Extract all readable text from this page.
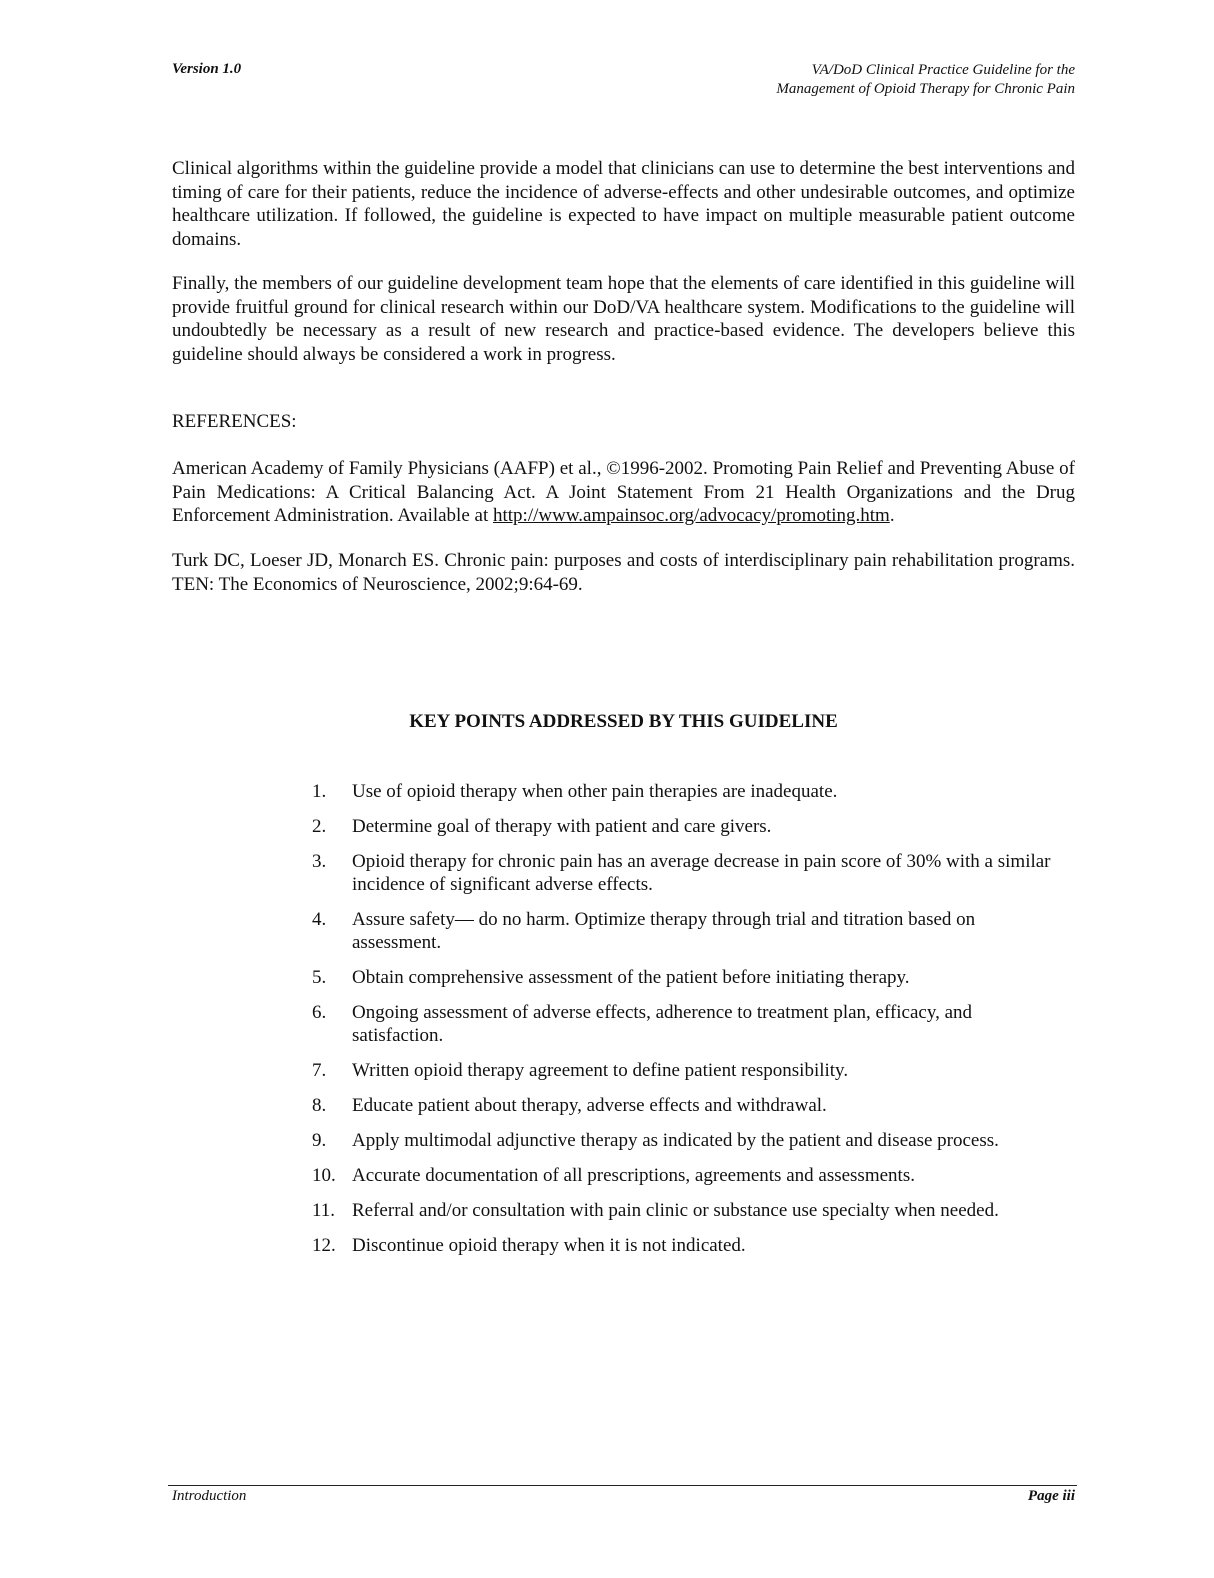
Version 1.0	VA/DoD Clinical Practice Guideline for the
Management of Opioid Therapy for Chronic Pain

Clinical algorithms within the guideline provide a model that clinicians can use to determine the best interventions and timing of care for their patients, reduce the incidence of adverse-effects and other undesirable outcomes, and optimize healthcare utilization. If followed, the guideline is expected to have impact on multiple measurable patient outcome domains.

Finally, the members of our guideline development team hope that the elements of care identified in this guideline will provide fruitful ground for clinical research within our DoD/VA healthcare system. Modifications to the guideline will undoubtedly be necessary as a result of new research and practice-based evidence. The developers believe this guideline should always be considered a work in progress.

REFERENCES:

American Academy of Family Physicians (AAFP) et al., ©1996-2002. Promoting Pain Relief and Preventing Abuse of Pain Medications: A Critical Balancing Act. A Joint Statement From 21 Health Organizations and the Drug Enforcement Administration. Available at http://www.ampainsoc.org/advocacy/promoting.htm.

Turk DC, Loeser JD, Monarch ES. Chronic pain: purposes and costs of interdisciplinary pain rehabilitation programs. TEN: The Economics of Neuroscience, 2002;9:64-69.

KEY POINTS ADDRESSED BY THIS GUIDELINE
1.	Use of opioid therapy when other pain therapies are inadequate.
2.	Determine goal of therapy with patient and care givers.
3.	Opioid therapy for chronic pain has an average decrease in pain score of 30% with a similar incidence of significant adverse effects.
4.	Assure safety— do no harm. Optimize therapy through trial and titration based on assessment.
5.	Obtain comprehensive assessment of the patient before initiating therapy.
6.	Ongoing assessment of adverse effects, adherence to treatment plan, efficacy, and satisfaction.
7.	Written opioid therapy agreement to define patient responsibility.
8.	Educate patient about therapy, adverse effects and withdrawal.
9.	Apply multimodal adjunctive therapy as indicated by the patient and disease process.
10. Accurate documentation of all prescriptions, agreements and assessments.
11. Referral and/or consultation with pain clinic or substance use specialty when needed.
12. Discontinue opioid therapy when it is not indicated.
Introduction	Page iii
